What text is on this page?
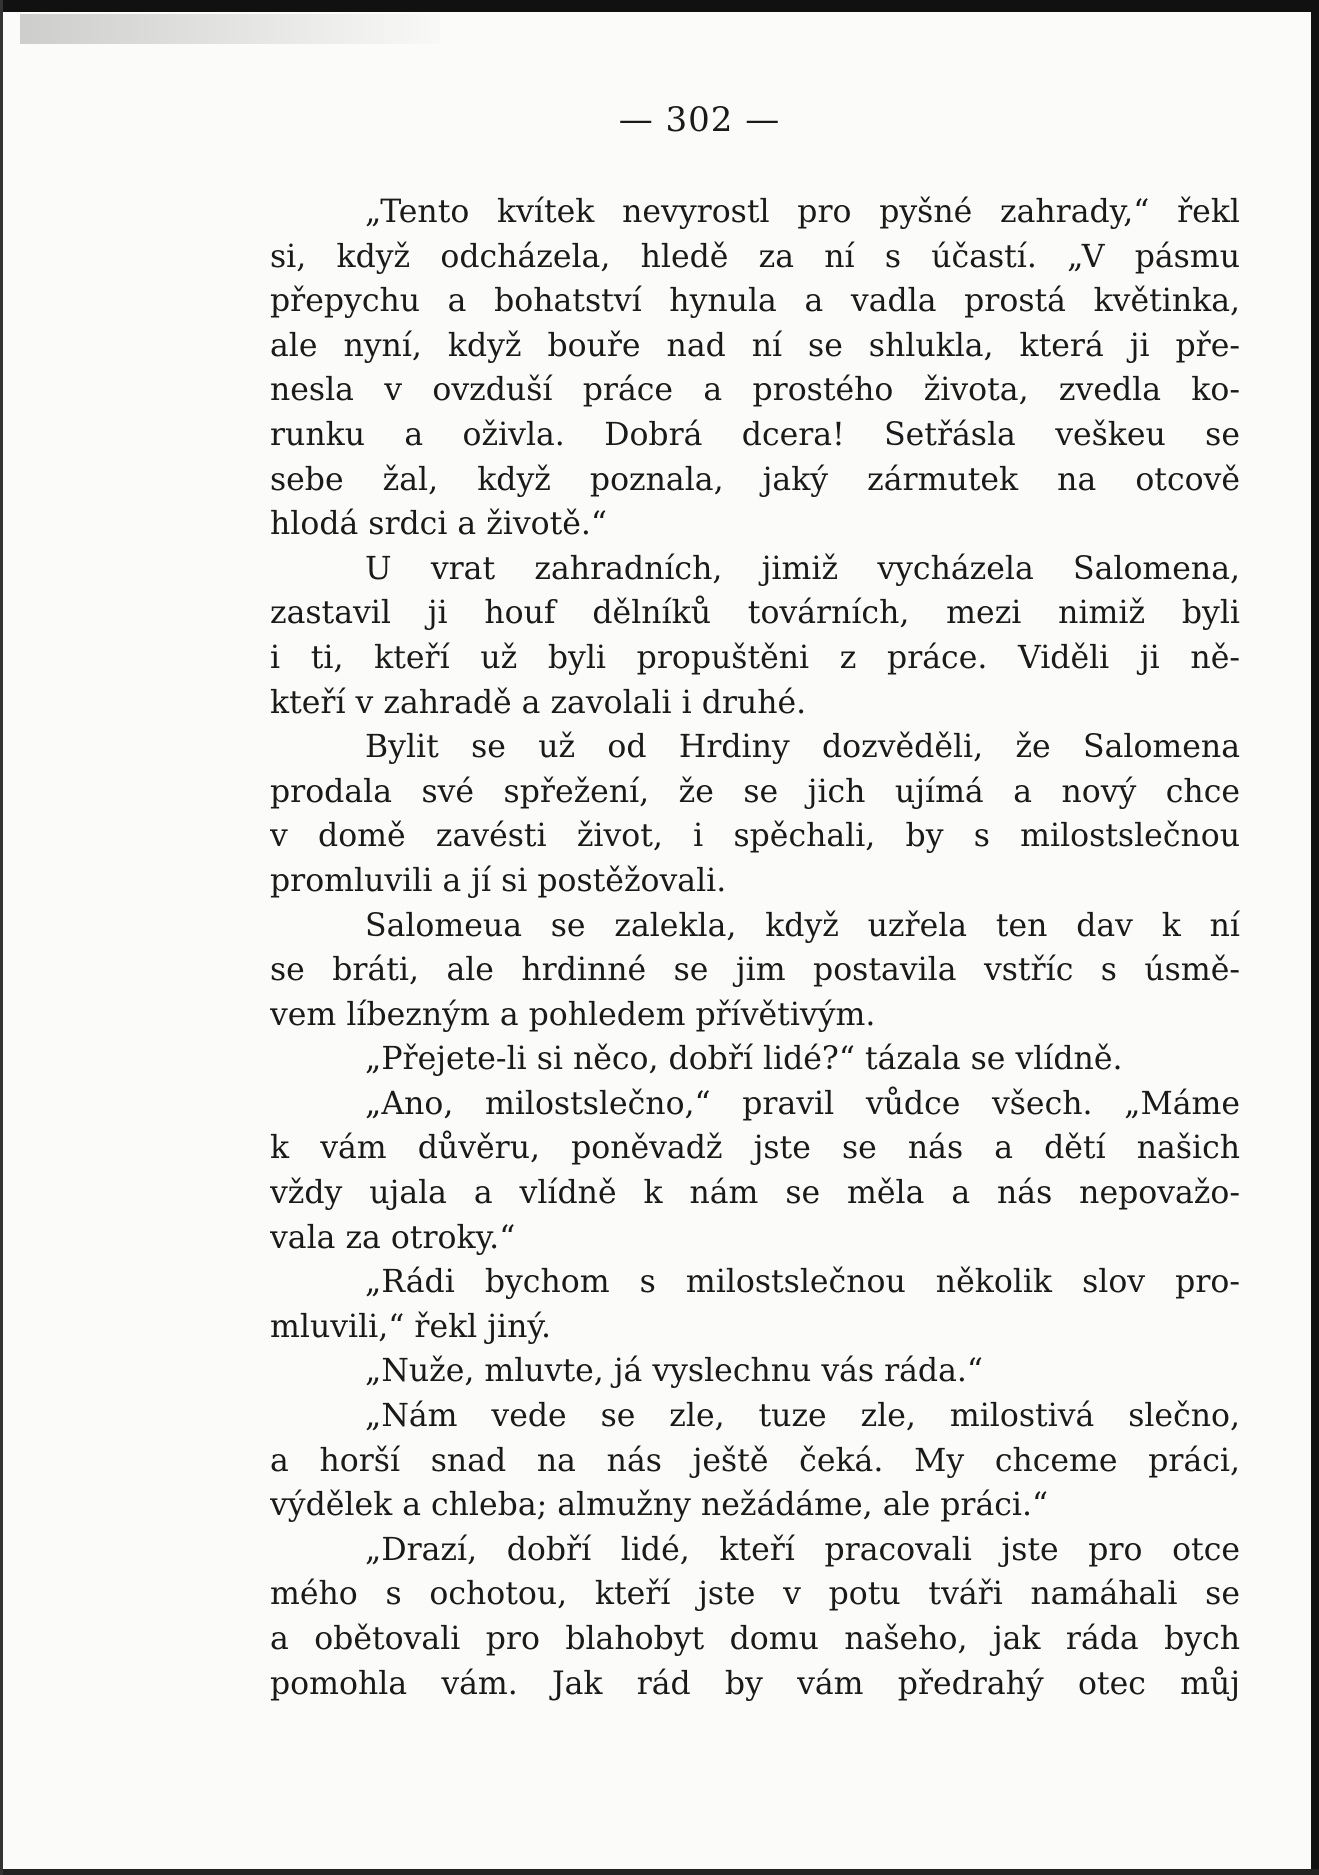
— 302 —
„Tento kvítek nevyrostl pro pyšné zahrady,“ řekl
si, když odcházela, hledě za ní s účastí. „V pásmu
přepychu a bohatství hynula a vadla prostá květinka,
ale nyní, když bouře nad ní se shlukla, která ji pře-
nesla v ovzduší práce a prostého života, zvedla ko-
runku a oživla. Dobrá dcera! Setřásla veškeu se
sebe žal, když poznala, jaký zármutek na otcově
hlodá srdci a životě.“
U vrat zahradních, jimiž vycházela Salomena,
zastavil ji houf dělníků továrních, mezi nimiž byli
i ti, kteří už byli propuštěni z práce. Viděli ji ně-
kteří v zahradě a zavolali i druhé.
Bylit se už od Hrdiny dozvěděli, že Salomena
prodala své spřežení, že se jich ujímá a nový chce
v domě zavésti život, i spěchali, by s milostslečnou
promluvili a jí si postěžovali.
Salomeua se zalekla, když uzřela ten dav k ní
se bráti, ale hrdinné se jim postavila vstříc s úsmě-
vem líbezným a pohledem přívětivým.
„Přejete-li si něco, dobří lidé?“ tázala se vlídně.
„Ano, milostslečno,“ pravil vůdce všech. „Máme
k vám důvěru, poněvadž jste se nás a dětí našich
vždy ujala a vlídně k nám se měla a nás nepovažo-
vala za otroky.“
„Rádi bychom s milostslečnou několik slov pro-
mluvili,“ řekl jiný.
„Nuže, mluvte, já vyslechnu vás ráda.“
„Nám vede se zle, tuze zle, milostivá slečno,
a horší snad na nás ještě čeká. My chceme práci,
výdělek a chleba; almužny nežádáme, ale práci.“
„Drazí, dobří lidé, kteří pracovali jste pro otce
mého s ochotou, kteří jste v potu tváři namáhali se
a obětovali pro blahobyt domu našeho, jak ráda bych
pomohla vám. Jak rád by vám předrahý otec můj
